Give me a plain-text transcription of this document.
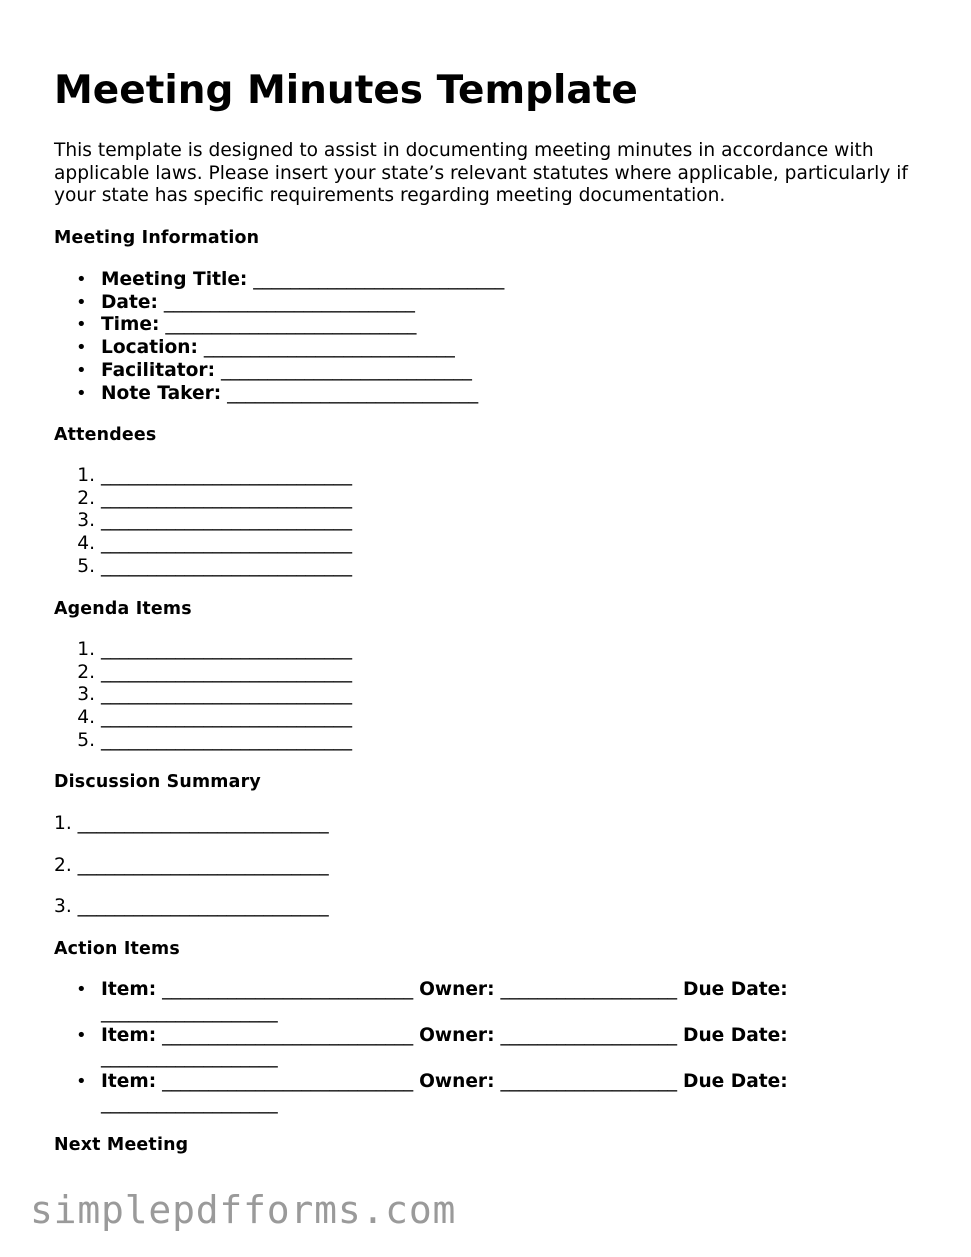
Meeting Minutes Template

This template is designed to assist in documenting meeting minutes in accordance with applicable laws. Please insert your state’s relevant statutes where applicable, particularly if your state has specific requirements regarding meeting documentation.

Meeting Information
• Meeting Title: ___________________________
• Date: ___________________________
• Time: ___________________________
• Location: ___________________________
• Facilitator: ___________________________
• Note Taker: ___________________________
Attendees
1. ___________________________
2. ___________________________
3. ___________________________
4. ___________________________
5. ___________________________
Agenda Items
1. ___________________________
2. ___________________________
3. ___________________________
4. ___________________________
5. ___________________________
Discussion Summary

1. ___________________________

2. ___________________________

3. ___________________________

Action Items
• Item: ___________________________ Owner: ___________________ Due Date: ___________________
• Item: ___________________________ Owner: ___________________ Due Date: ___________________
• Item: ___________________________ Owner: ___________________ Due Date: ___________________
Next Meeting

simplepdfforms.com
